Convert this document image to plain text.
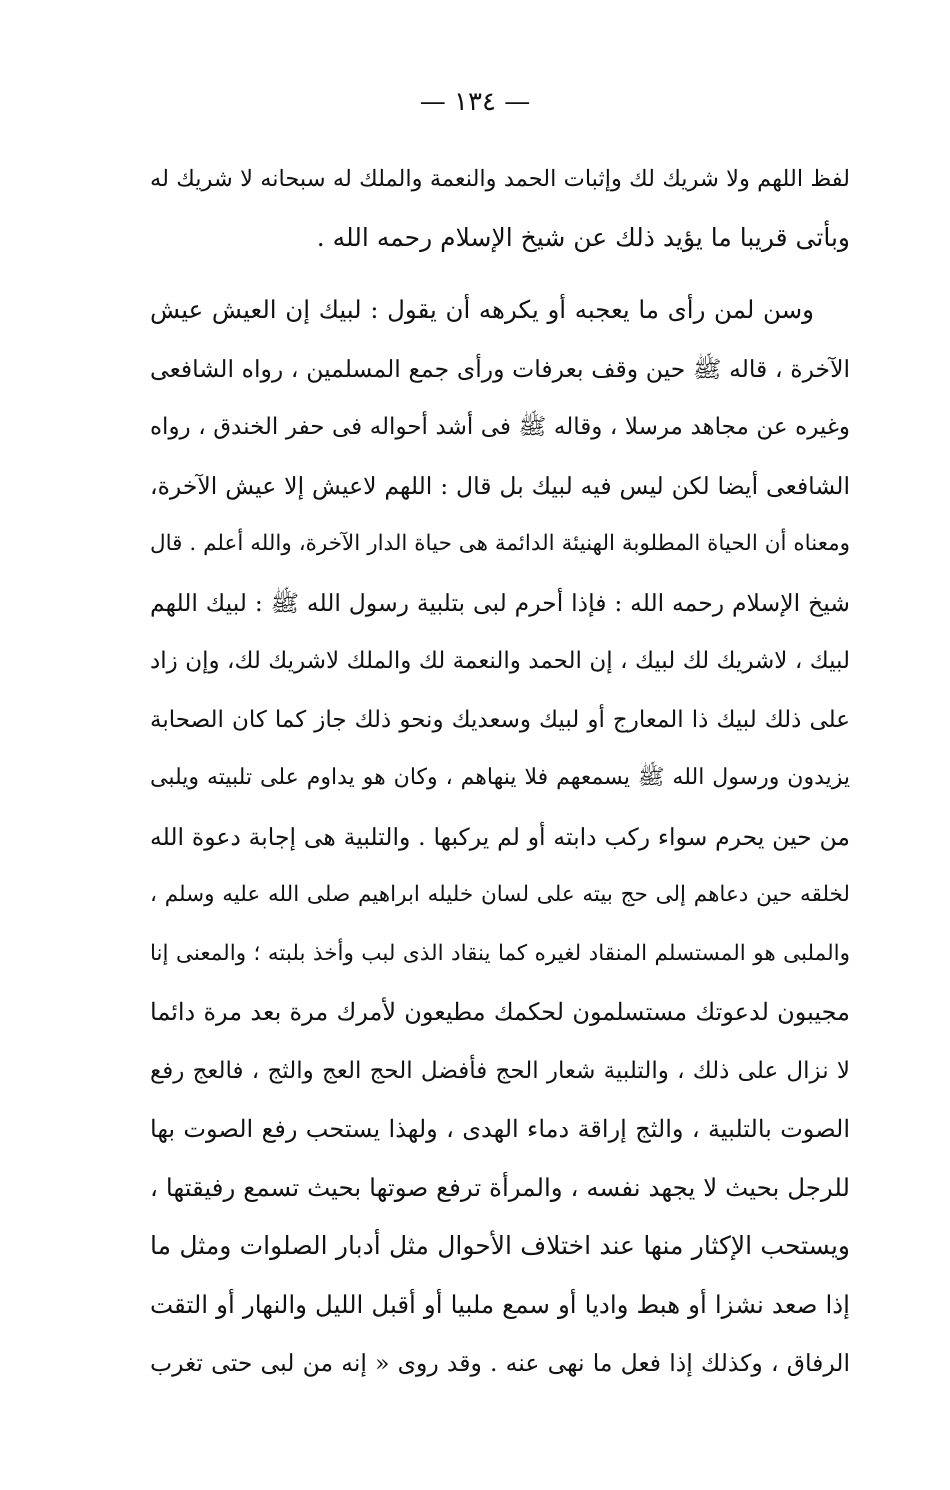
— ١٣٤ —
لفظ اللهم ولا شريك لك وإثبات الحمد والنعمة والملك له سبحانه لا شريك له
وبأتى قريبا ما يؤيد ذلك عن شيخ الإسلام رحمه الله .
وسن لمن رأى ما يعجبه أو يكرهه أن يقول : لبيك إن العيش عيش
الآخرة ، قاله ﷺ حين وقف بعرفات ورأى جمع المسلمين ، رواه الشافعى
وغيره عن مجاهد مرسلا ، وقاله ﷺ فى أشد أحواله فى حفر الخندق ، رواه
الشافعى أيضا لكن ليس فيه لبيك بل قال : اللهم لاعيش إلا عيش الآخرة،
ومعناه أن الحياة المطلوبة الهنيئة الدائمة هى حياة الدار الآخرة، والله أعلم . قال
شيخ الإسلام رحمه الله : فإذا أحرم لبى بتلبية رسول الله ﷺ : لبيك اللهم
لبيك ، لاشريك لك لبيك ، إن الحمد والنعمة لك والملك لاشريك لك، وإن زاد
على ذلك لبيك ذا المعارج أو لبيك وسعديك ونحو ذلك جاز كما كان الصحابة
يزيدون ورسول الله ﷺ يسمعهم فلا ينهاهم ، وكان هو يداوم على تلبيته ويلبى
من حين يحرم سواء ركب دابته أو لم يركبها . والتلبية هى إجابة دعوة الله
لخلقه حين دعاهم إلى حج بيته على لسان خليله ابراهيم صلى الله عليه وسلم ،
والملبى هو المستسلم المنقاد لغيره كما ينقاد الذى لبب وأخذ بلبته ؛ والمعنى إنا
مجيبون لدعوتك مستسلمون لحكمك مطيعون لأمرك مرة بعد مرة دائما
لا نزال على ذلك ، والتلبية شعار الحج فأفضل الحج العج والثج ، فالعج رفع
الصوت بالتلبية ، والثج إراقة دماء الهدى ، ولهذا يستحب رفع الصوت بها
للرجل بحيث لا يجهد نفسه ، والمرأة ترفع صوتها بحيث تسمع رفيقتها ،
ويستحب الإكثار منها عند اختلاف الأحوال مثل أدبار الصلوات ومثل ما
إذا صعد نشزا أو هبط واديا أو سمع ملبيا أو أقبل الليل والنهار أو التقت
الرفاق ، وكذلك إذا فعل ما نهى عنه . وقد روى « إنه من لبى حتى تغرب
